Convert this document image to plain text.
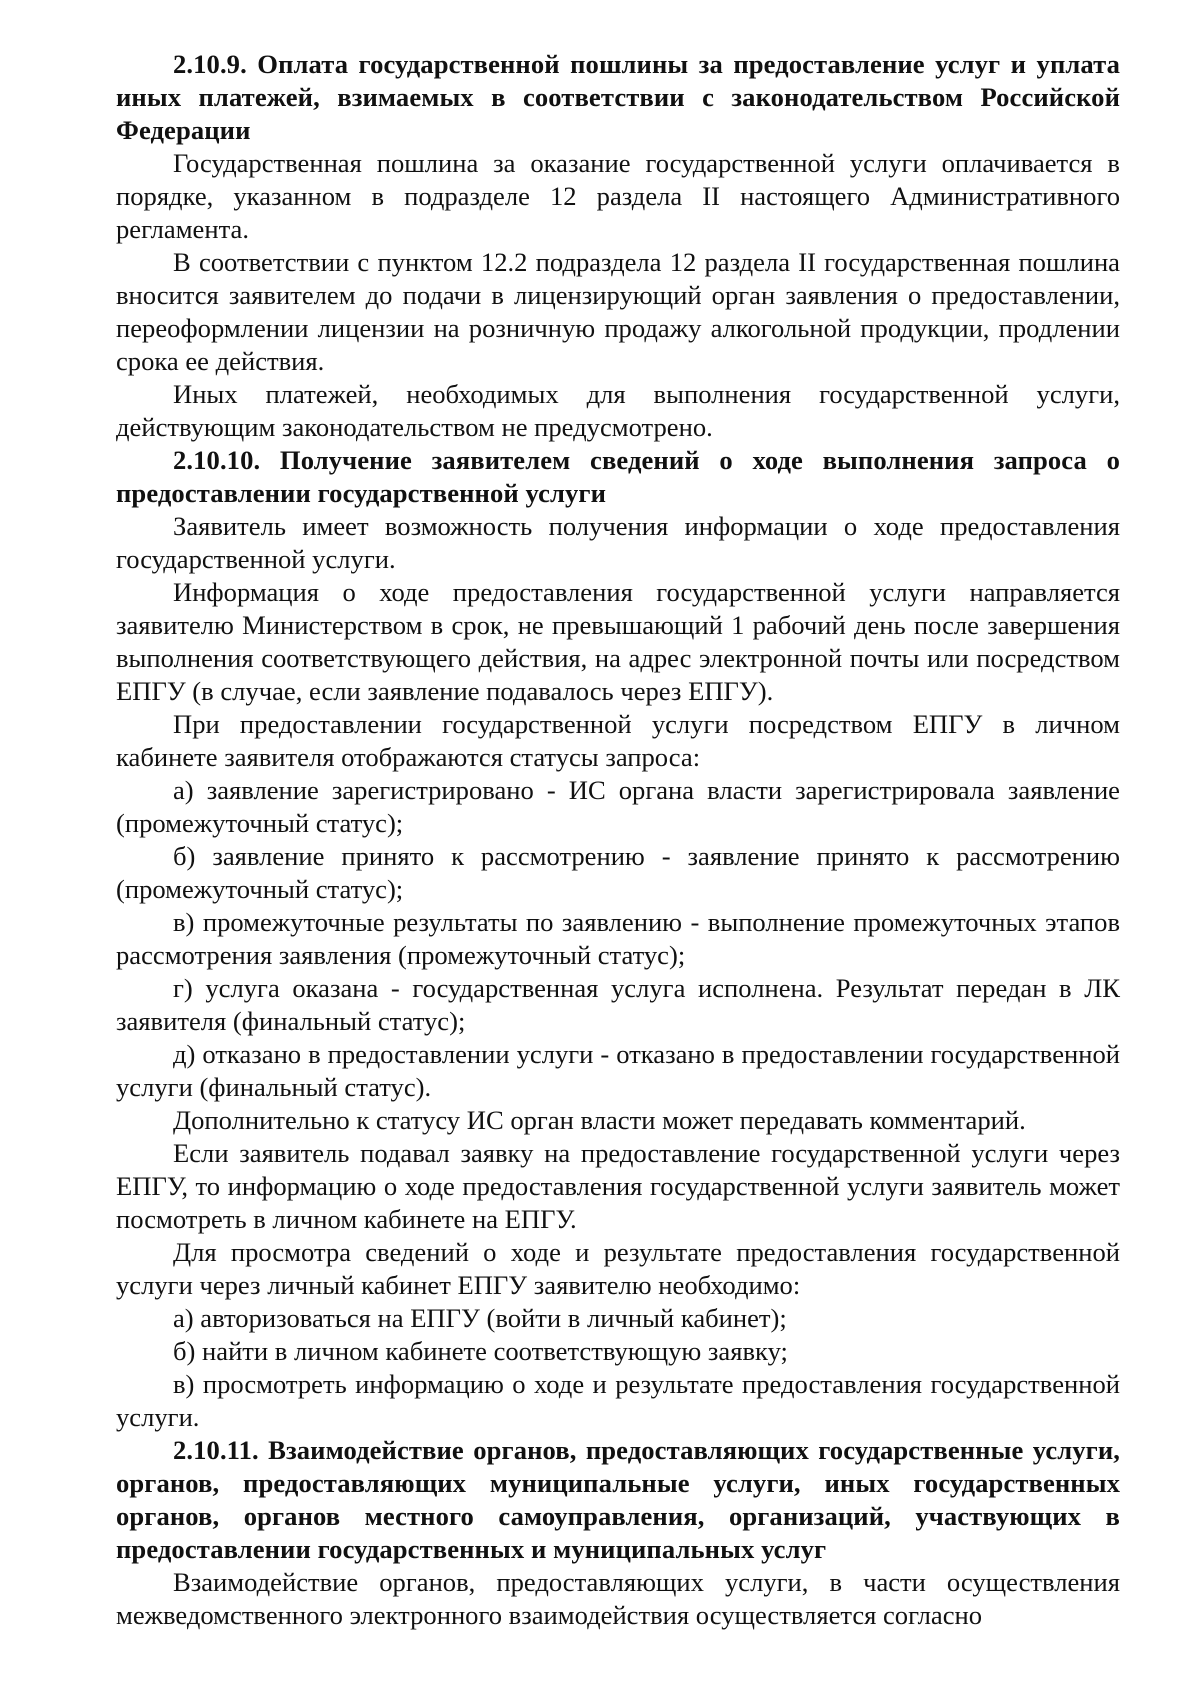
2.10.9. Оплата государственной пошлины за предоставление услуг и уплата иных платежей, взимаемых в соответствии с законодательством Российской Федерации

Государственная пошлина за оказание государственной услуги оплачивается в порядке, указанном в подразделе 12 раздела II настоящего Административного регламента.

В соответствии с пунктом 12.2 подраздела 12 раздела II государственная пошлина вносится заявителем до подачи в лицензирующий орган заявления о предоставлении, переоформлении лицензии на розничную продажу алкогольной продукции, продлении срока ее действия.

Иных платежей, необходимых для выполнения государственной услуги, действующим законодательством не предусмотрено.

2.10.10. Получение заявителем сведений о ходе выполнения запроса о предоставлении государственной услуги

Заявитель имеет возможность получения информации о ходе предоставления государственной услуги.

Информация о ходе предоставления государственной услуги направляется заявителю Министерством в срок, не превышающий 1 рабочий день после завершения выполнения соответствующего действия, на адрес электронной почты или посредством ЕПГУ (в случае, если заявление подавалось через ЕПГУ).

При предоставлении государственной услуги посредством ЕПГУ в личном кабинете заявителя отображаются статусы запроса:

а) заявление зарегистрировано - ИС органа власти зарегистрировала заявление (промежуточный статус);

б) заявление принято к рассмотрению - заявление принято к рассмотрению (промежуточный статус);

в) промежуточные результаты по заявлению - выполнение промежуточных этапов рассмотрения заявления (промежуточный статус);

г) услуга оказана - государственная услуга исполнена. Результат передан в ЛК заявителя (финальный статус);

д) отказано в предоставлении услуги - отказано в предоставлении государственной услуги (финальный статус).

Дополнительно к статусу ИС орган власти может передавать комментарий.

Если заявитель подавал заявку на предоставление государственной услуги через ЕПГУ, то информацию о ходе предоставления государственной услуги заявитель может посмотреть в личном кабинете на ЕПГУ.

Для просмотра сведений о ходе и результате предоставления государственной услуги через личный кабинет ЕПГУ заявителю необходимо:

а) авторизоваться на ЕПГУ (войти в личный кабинет);

б) найти в личном кабинете соответствующую заявку;

в) просмотреть информацию о ходе и результате предоставления государственной услуги.

2.10.11. Взаимодействие органов, предоставляющих государственные услуги, органов, предоставляющих муниципальные услуги, иных государственных органов, органов местного самоуправления, организаций, участвующих в предоставлении государственных и муниципальных услуг

Взаимодействие органов, предоставляющих услуги, в части осуществления межведомственного электронного взаимодействия осуществляется согласно
